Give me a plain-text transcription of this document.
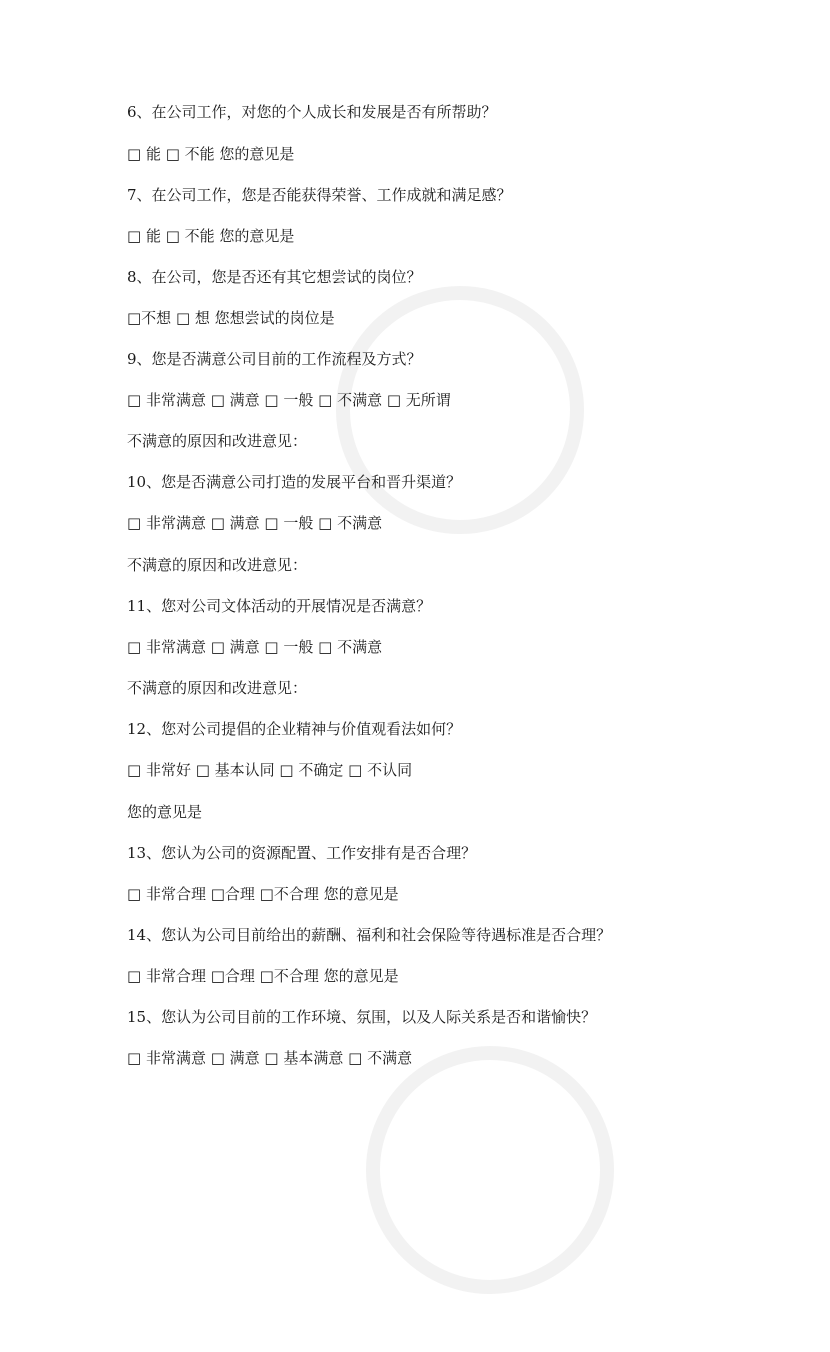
6、在公司工作，对您的个人成长和发展是否有所帮助？
□ 能 □ 不能 您的意见是
7、在公司工作，您是否能获得荣誉、工作成就和满足感？
□ 能 □ 不能 您的意见是
8、在公司，您是否还有其它想尝试的岗位？
□不想 □ 想 您想尝试的岗位是
9、您是否满意公司目前的工作流程及方式？
□ 非常满意 □ 满意 □ 一般 □ 不满意 □ 无所谓
不满意的原因和改进意见：
10、您是否满意公司打造的发展平台和晋升渠道？
□ 非常满意 □ 满意 □ 一般 □ 不满意
不满意的原因和改进意见：
11、您对公司文体活动的开展情况是否满意？
□ 非常满意 □ 满意 □ 一般 □ 不满意
不满意的原因和改进意见：
12、您对公司提倡的企业精神与价值观看法如何？
□ 非常好 □ 基本认同 □ 不确定 □ 不认同
您的意见是
13、您认为公司的资源配置、工作安排有是否合理？
□ 非常合理 □合理 □不合理 您的意见是
14、您认为公司目前给出的薪酬、福利和社会保险等待遇标准是否合理？
□ 非常合理 □合理 □不合理 您的意见是
15、您认为公司目前的工作环境、氛围，以及人际关系是否和谐愉快？
□ 非常满意 □ 满意 □ 基本满意 □ 不满意
